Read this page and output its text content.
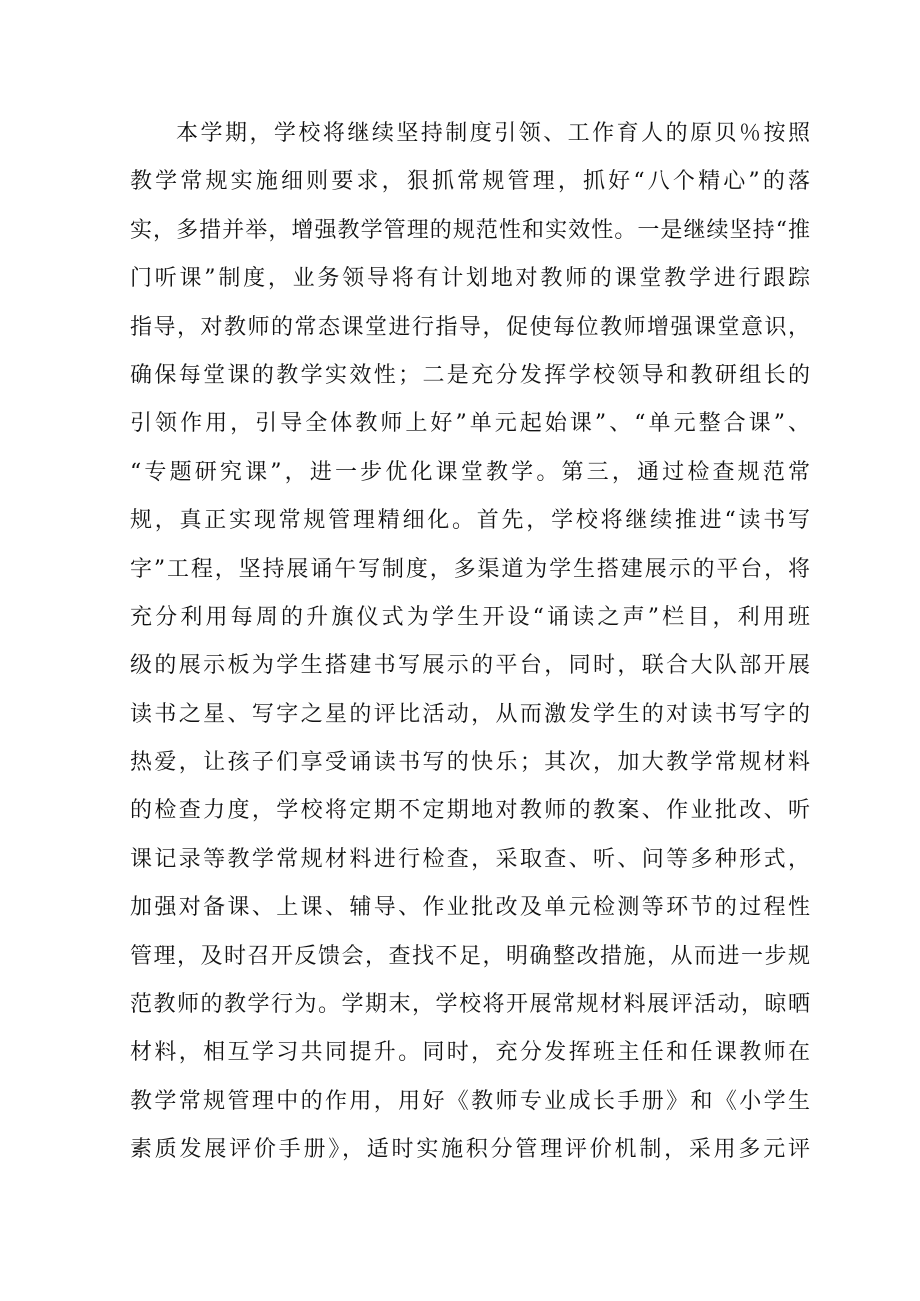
本学期，学校将继续坚持制度引领、工作育人的原贝％按照
教学常规实施细则要求，狠抓常规管理，抓好“八个精心”的落
实，多措并举，增强教学管理的规范性和实效性。一是继续坚持“推
门听课”制度，业务领导将有计划地对教师的课堂教学进行跟踪
指导，对教师的常态课堂进行指导，促使每位教师增强课堂意识，
确保每堂课的教学实效性；二是充分发挥学校领导和教研组长的
引领作用，引导全体教师上好”单元起始课”、“单元整合课”、
“专题研究课”，进一步优化课堂教学。第三，通过检查规范常
规，真正实现常规管理精细化。首先，学校将继续推进“读书写
字”工程，坚持展诵午写制度，多渠道为学生搭建展示的平台，将
充分利用每周的升旗仪式为学生开设“诵读之声”栏目，利用班
级的展示板为学生搭建书写展示的平台，同时，联合大队部开展
读书之星、写字之星的评比活动，从而激发学生的对读书写字的
热爱，让孩子们享受诵读书写的快乐；其次，加大教学常规材料
的检查力度，学校将定期不定期地对教师的教案、作业批改、听
课记录等教学常规材料进行检查，采取查、听、问等多种形式，
加强对备课、上课、辅导、作业批改及单元检测等环节的过程性
管理，及时召开反馈会，查找不足，明确整改措施，从而进一步规
范教师的教学行为。学期末，学校将开展常规材料展评活动，晾晒
材料，相互学习共同提升。同时，充分发挥班主任和任课教师在
教学常规管理中的作用，用好《教师专业成长手册》和《小学生
素质发展评价手册》，适时实施积分管理评价机制，采用多元评
